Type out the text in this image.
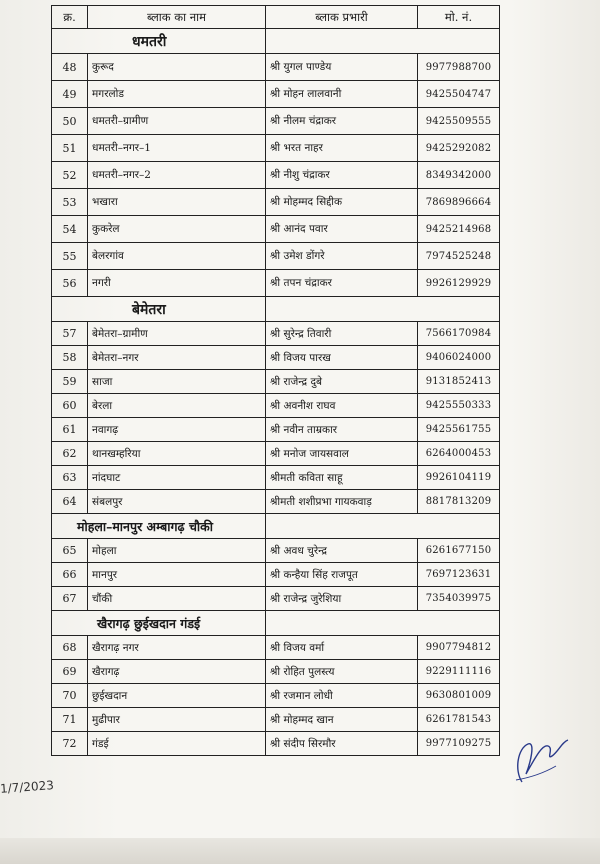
क्र.	ब्लाक का नाम	ब्लाक प्रभारी	मो. नं.
धमतरी			
48	कुरूद	श्री युगल पाण्डेय	9977988700
49	मगरलोड	श्री मोहन लालवानी	9425504747
50	धमतरी–ग्रामीण	श्री नीलम चंद्राकर	9425509555
51	धमतरी–नगर–1	श्री भरत नाहर	9425292082
52	धमतरी–नगर–2	श्री नीशु चंद्राकर	8349342000
53	भखारा	श्री मोहम्मद सिद्दीक	7869896664
54	कुकरेल	श्री आनंद पवार	9425214968
55	बेलरगांव	श्री उमेश डोंगरे	7974525248
56	नगरी	श्री तपन चंद्राकर	9926129929
बेमेतरा			
57	बेमेतरा–ग्रामीण	श्री सुरेन्द्र तिवारी	7566170984
58	बेमेतरा–नगर	श्री विजय पारख	9406024000
59	साजा	श्री राजेन्द्र दुबे	9131852413
60	बेरला	श्री अवनीश राघव	9425550333
61	नवागढ़	श्री नवीन ताम्रकार	9425561755
62	थानखम्हरिया	श्री मनोज जायसवाल	6264000453
63	नांदघाट	श्रीमती कविता साहू	9926104119
64	संबलपुर	श्रीमती शशीप्रभा गायकवाड़	8817813209
मोहला–मानपुर अम्बागढ़ चौकी			
65	मोहला	श्री अवध चुरेन्द्र	6261677150
66	मानपुर	श्री कन्हैया सिंह राजपूत	7697123631
67	चौंकी	श्री राजेन्द्र जुरेशिया	7354039975
खैरागढ़ छुईखदान गंडई			
68	खैरागढ़ नगर	श्री विजय वर्मा	9907794812
69	खैरागढ़	श्री रोहित पुलस्त्य	9229111116
70	छुईखदान	श्री रजमान लोधी	9630801009
71	मुढीपार	श्री मोहम्मद खान	6261781543
72	गंडई	श्री संदीप सिरमौर	9977109275
1/7/2023
